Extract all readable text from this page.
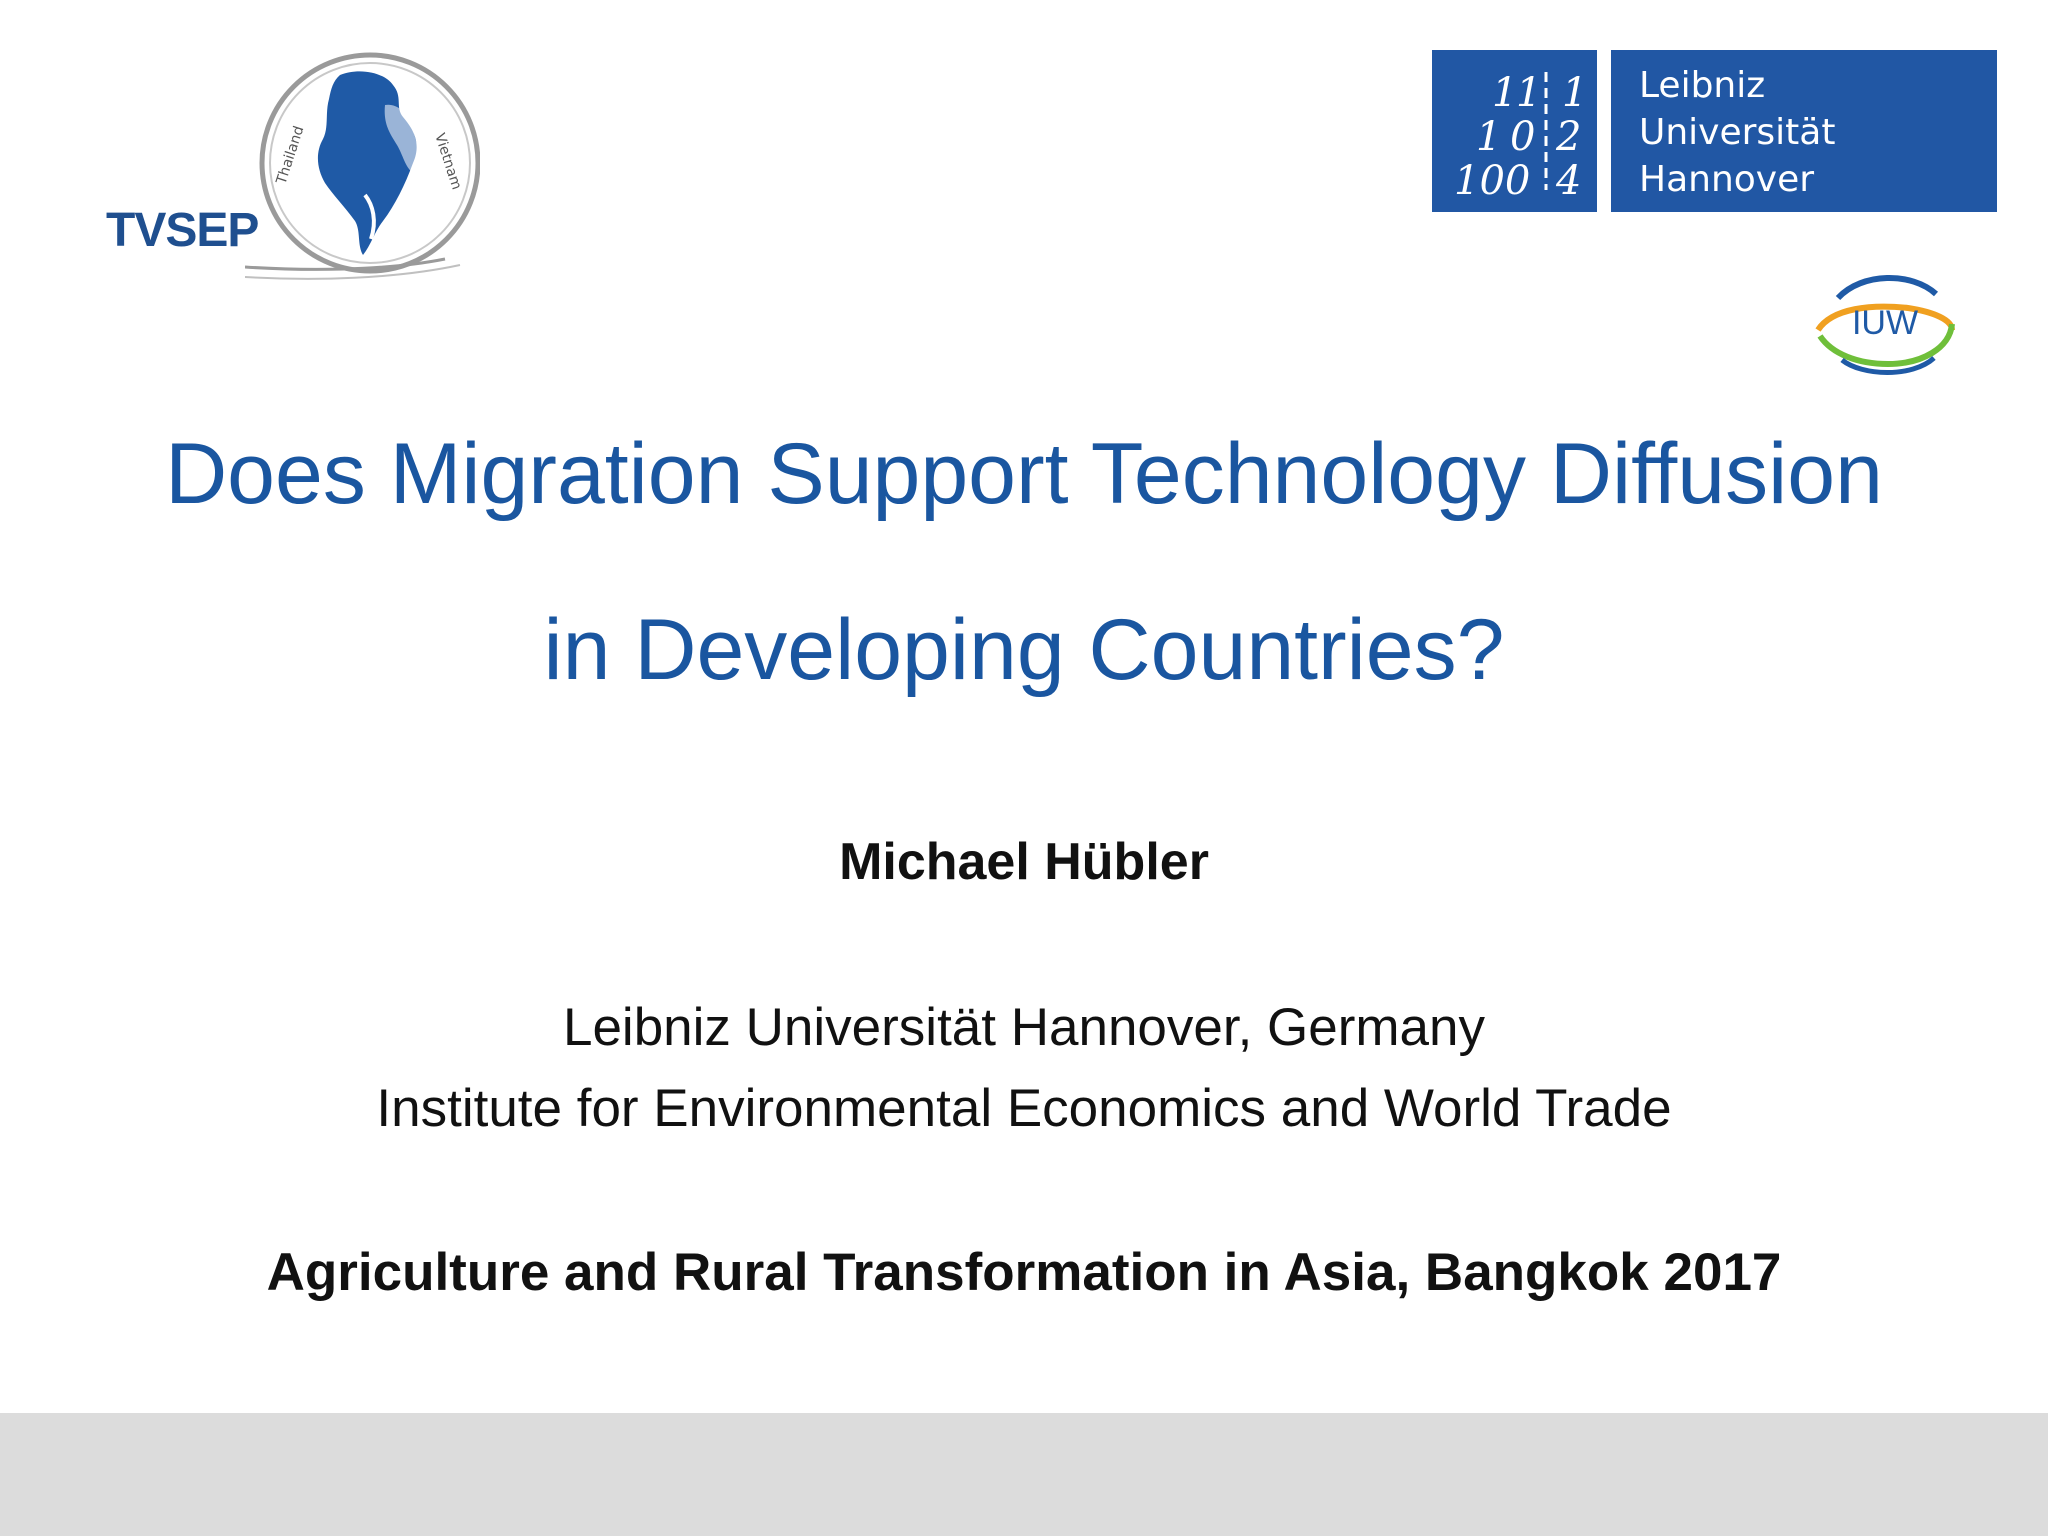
Thailand	Vietnam
TVSEP
1
1 1
1 0 2
100 4
Leibniz
Universität
Hannover
IUW
Does Migration Support Technology Diffusion
in Developing Countries?
Michael Hübler
Leibniz Universität Hannover, Germany
Institute for Environmental Economics and World Trade
Agriculture and Rural Transformation in Asia, Bangkok 2017
